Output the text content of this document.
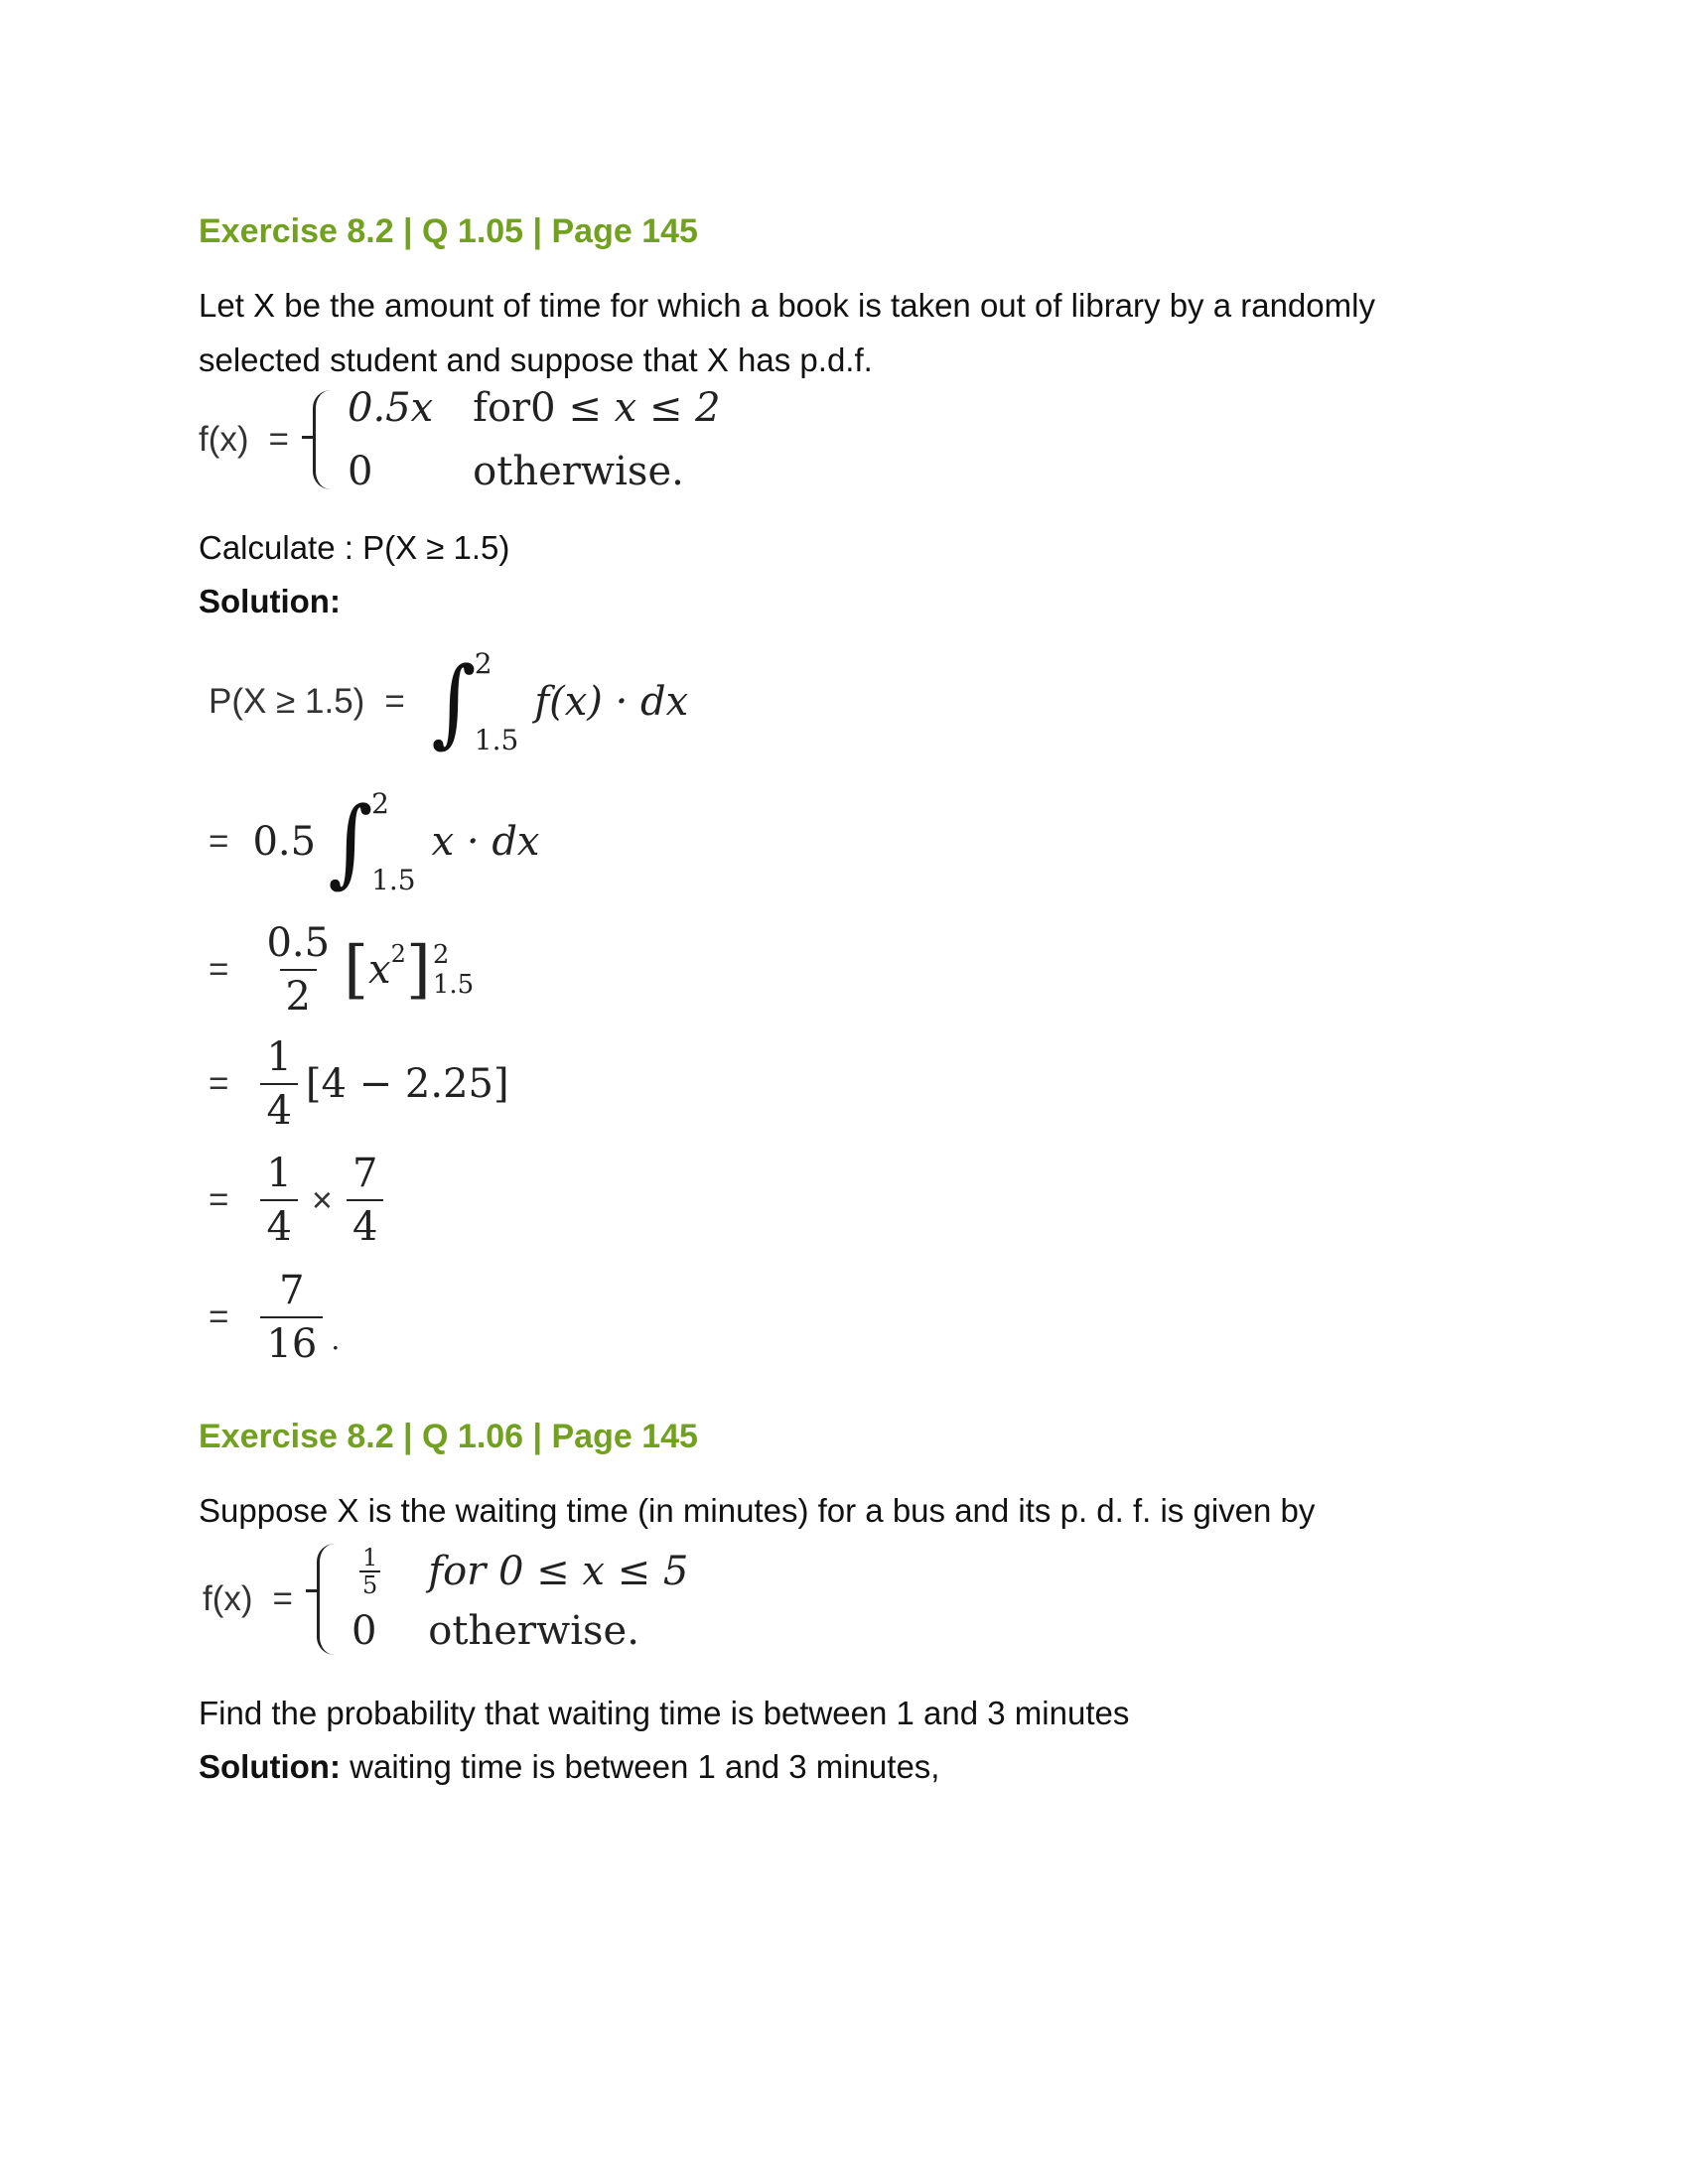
Exercise 8.2 | Q 1.05 | Page 145
Let X be the amount of time for which a book is taken out of library by a randomly
selected student and suppose that X has p.d.f.
f(x) =
0.5x for0 ≤ x ≤ 2
0	otherwise.
Calculate : P(X ≥ 1.5)
Solution:
P(X ≥ 1.5) = ∫
2
1.5
f(x) · dx
= 0.5 ∫
2
1.5
x · dx
= $\frac{0.5}{2}$ [ x 2 ] 2
1.5
= $\frac{1}{4} [4 - 2.25]$
= $\frac{1}{4} \times \frac{7}{4}$
= $\frac{7}{16}$ .
Exercise 8.2 | Q 1.06 | Page 145
Suppose X is the waiting time (in minutes) for a bus and its p. d. f. is given by
f(x) =
$\frac{1}{5}$ for 0 ≤ x ≤ 5
0 otherwise.
Find the probability that waiting time is between 1 and 3 minutes
Solution: waiting time is between 1 and 3 minutes,
